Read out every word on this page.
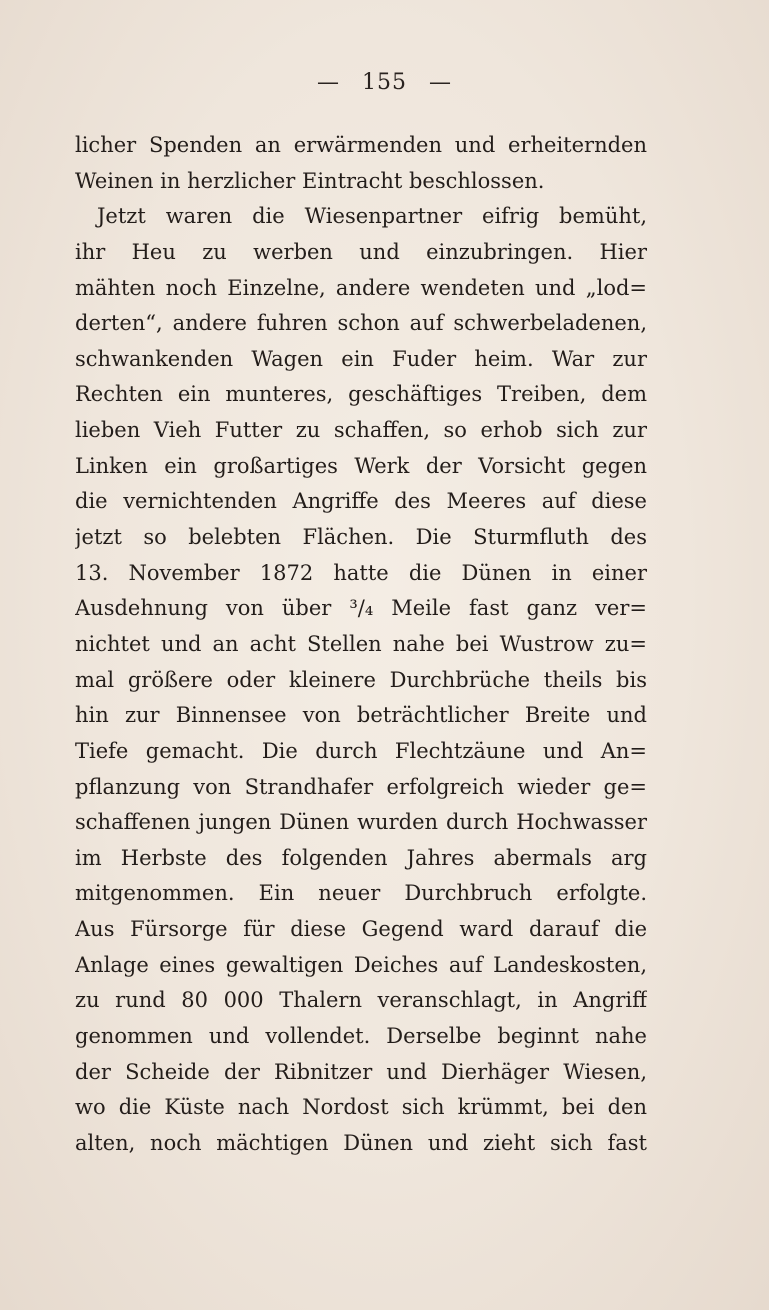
— 155 —
licher Spenden an erwärmenden und erheiternden
Weinen in herzlicher Eintracht beschlossen.
Jetzt waren die Wiesenpartner eifrig bemüht,
ihr Heu zu werben und einzubringen. Hier
mähten noch Einzelne, andere wendeten und „lod=
derten“, andere fuhren schon auf schwerbeladenen,
schwankenden Wagen ein Fuder heim. War zur
Rechten ein munteres, geschäftiges Treiben, dem
lieben Vieh Futter zu schaffen, so erhob sich zur
Linken ein großartiges Werk der Vorsicht gegen
die vernichtenden Angriffe des Meeres auf diese
jetzt so belebten Flächen. Die Sturmfluth des
13. November 1872 hatte die Dünen in einer
Ausdehnung von über ³/₄ Meile fast ganz ver=
nichtet und an acht Stellen nahe bei Wustrow zu=
mal größere oder kleinere Durchbrüche theils bis
hin zur Binnensee von beträchtlicher Breite und
Tiefe gemacht. Die durch Flechtzäune und An=
pflanzung von Strandhafer erfolgreich wieder ge=
schaffenen jungen Dünen wurden durch Hochwasser
im Herbste des folgenden Jahres abermals arg
mitgenommen. Ein neuer Durchbruch erfolgte.
Aus Fürsorge für diese Gegend ward darauf die
Anlage eines gewaltigen Deiches auf Landeskosten,
zu rund 80 000 Thalern veranschlagt, in Angriff
genommen und vollendet. Derselbe beginnt nahe
der Scheide der Ribnitzer und Dierhäger Wiesen,
wo die Küste nach Nordost sich krümmt, bei den
alten, noch mächtigen Dünen und zieht sich fast
